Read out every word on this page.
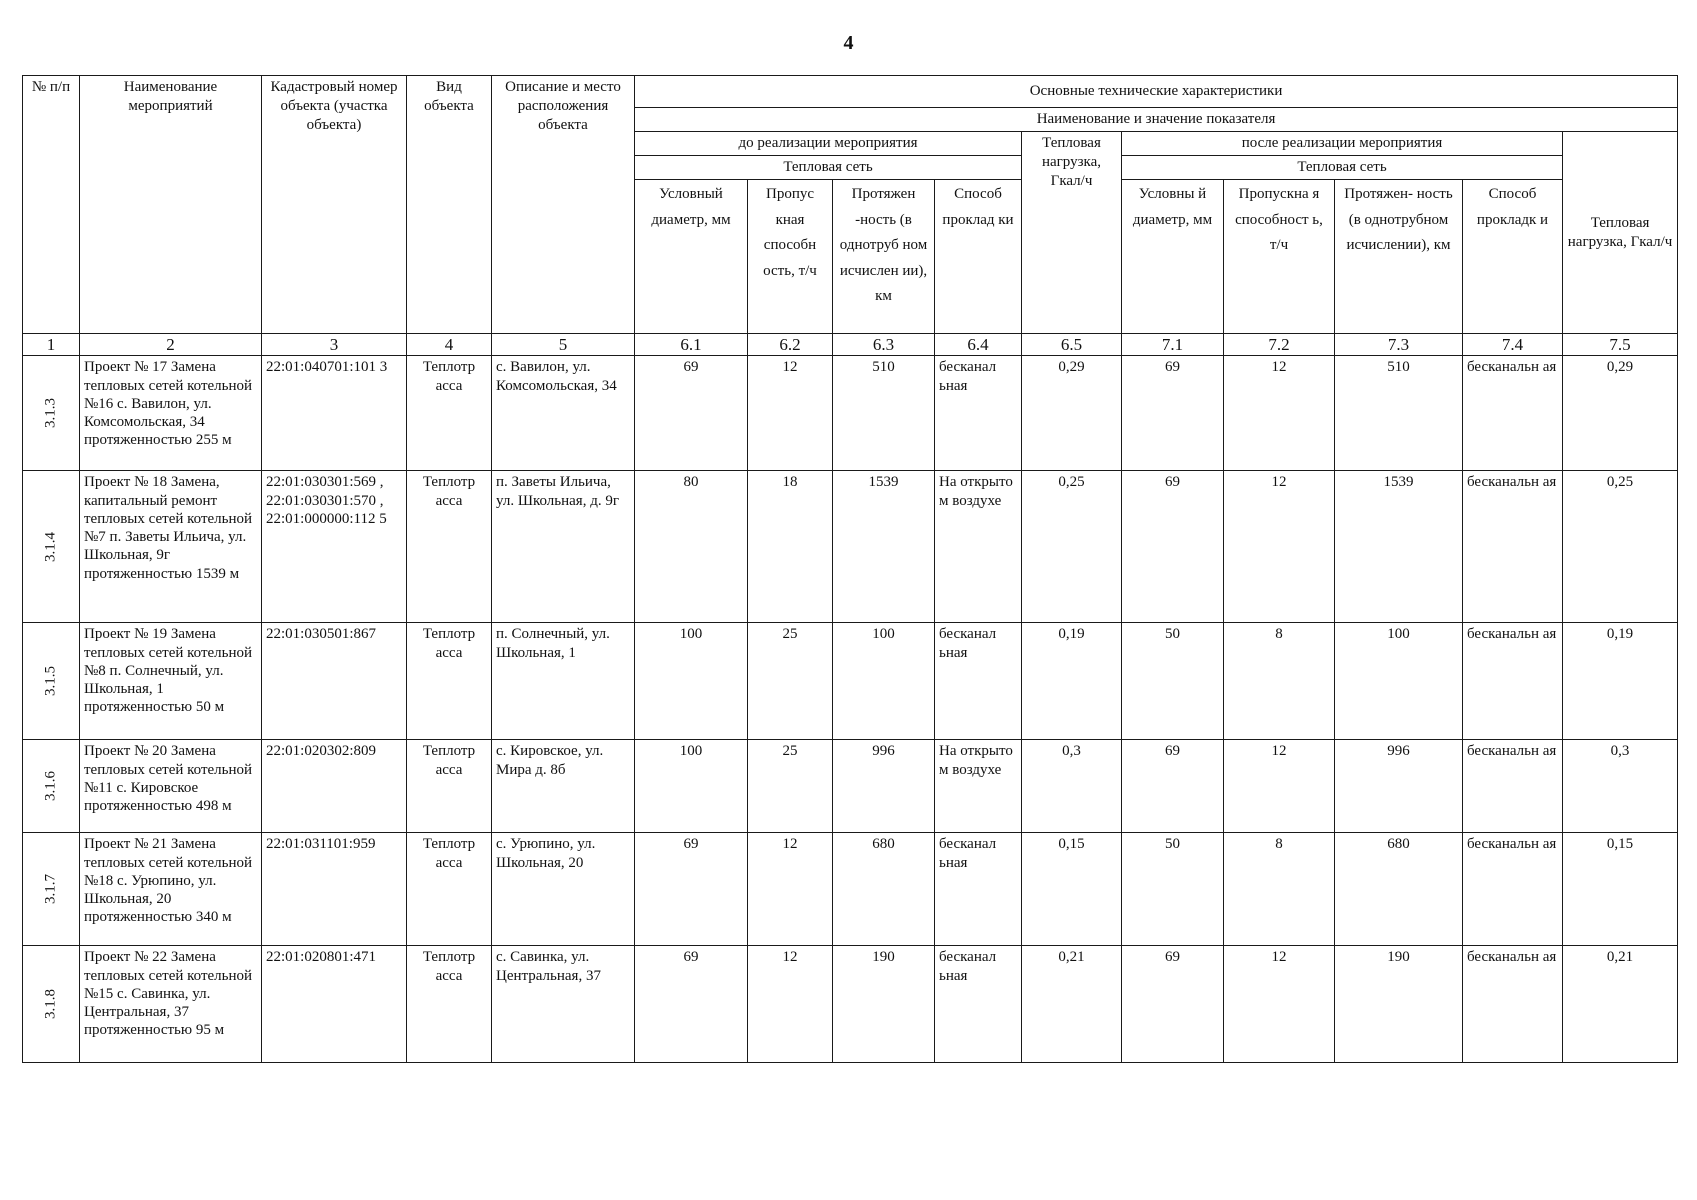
4
№ п/п	Наименование мероприятий	Кадастровый номер объекта (участка объекта)	Вид объекта	Описание и место расположения объекта	Основные технические характеристики									
					Наименование и значение показателя									
					до реализации мероприятия				Тепловая нагрузка, Гкал/ч	после реализации мероприятия				Тепловая нагрузка, Гкал/ч
					Тепловая сеть					Тепловая сеть				
					Условный диаметр, мм	Пропус кная способн ость, т/ч	Протяжен -ность (в однотруб ном исчислен ии), км	Способ проклад ки		Условны й диаметр, мм	Пропускна я способност ь, т/ч	Протяжен- ность (в однотрубном исчислении), км	Способ прокладк и	
1	2	3	4	5	6.1	6.2	6.3	6.4	6.5	7.1	7.2	7.3	7.4	7.5

3.1.3	Проект № 17 Замена тепловых сетей котельной №16 с. Вавилон, ул. Комсомольская, 34 протяженностью 255 м	22:01:040701:101 3	Теплотр асса	с. Вавилон, ул. Комсомольская, 34	69	12	510	бесканал ьная	0,29	69	12	510	бесканальн ая	0,29

3.1.4	Проект № 18 Замена, капитальный ремонт тепловых сетей котельной №7 п. Заветы Ильича, ул. Школьная, 9г протяженностью 1539 м	22:01:030301:569 , 22:01:030301:570 , 22:01:000000:112 5	Теплотр асса	п. Заветы Ильича, ул. Школьная, д. 9г	80	18	1539	На открыто м воздухе	0,25	69	12	1539	бесканальн ая	0,25

3.1.5	Проект № 19 Замена тепловых сетей котельной №8 п. Солнечный, ул. Школьная, 1 протяженностью 50 м	22:01:030501:867	Теплотр асса	п. Солнечный, ул. Школьная, 1	100	25	100	бесканал ьная	0,19	50	8	100	бесканальн ая	0,19

3.1.6	Проект № 20 Замена тепловых сетей котельной №11 с. Кировское протяженностью 498 м	22:01:020302:809	Теплотр асса	с. Кировское, ул. Мира д. 8б	100	25	996	На открыто м воздухе	0,3	69	12	996	бесканальн ая	0,3

3.1.7	Проект № 21 Замена тепловых сетей котельной №18 с. Урюпино, ул. Школьная, 20 протяженностью 340 м	22:01:031101:959	Теплотр асса	с. Урюпино, ул. Школьная, 20	69	12	680	бесканал ьная	0,15	50	8	680	бесканальн ая	0,15

3.1.8	Проект № 22 Замена тепловых сетей котельной №15 с. Савинка, ул. Центральная, 37 протяженностью 95 м	22:01:020801:471	Теплотр асса	с. Савинка, ул. Центральная, 37	69	12	190	бесканал ьная	0,21	69	12	190	бесканальн ая	0,21
